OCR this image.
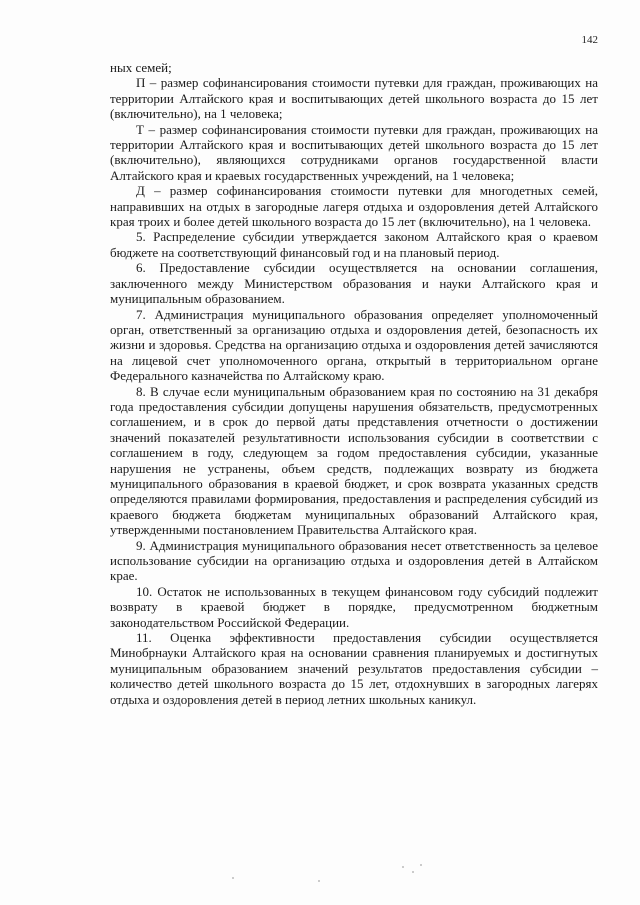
142

ных семей;

П – размер софинансирования стоимости путевки для граждан, проживающих на территории Алтайского края и воспитывающих детей школьного возраста до 15 лет (включительно), на 1 человека;

Т – размер софинансирования стоимости путевки для граждан, проживающих на территории Алтайского края и воспитывающих детей школьного возраста до 15 лет (включительно), являющихся сотрудниками органов государственной власти Алтайского края и краевых государственных учреждений, на 1 человека;

Д – размер софинансирования стоимости путевки для многодетных семей, направивших на отдых в загородные лагеря отдыха и оздоровления детей Алтайского края троих и более детей школьного возраста до 15 лет (включительно), на 1 человека.

5. Распределение субсидии утверждается законом Алтайского края о краевом бюджете на соответствующий финансовый год и на плановый период.

6. Предоставление субсидии осуществляется на основании соглашения, заключенного между Министерством образования и науки Алтайского края и муниципальным образованием.

7. Администрация муниципального образования определяет уполномоченный орган, ответственный за организацию отдыха и оздоровления детей, безопасность их жизни и здоровья. Средства на организацию отдыха и оздоровления детей зачисляются на лицевой счет уполномоченного органа, открытый в территориальном органе Федерального казначейства по Алтайскому краю.

8. В случае если муниципальным образованием края по состоянию на 31 декабря года предоставления субсидии допущены нарушения обязательств, предусмотренных соглашением, и в срок до первой даты представления отчетности о достижении значений показателей результативности использования субсидии в соответствии с соглашением в году, следующем за годом предоставления субсидии, указанные нарушения не устранены, объем средств, подлежащих возврату из бюджета муниципального образования в краевой бюджет, и срок возврата указанных средств определяются правилами формирования, предоставления и распределения субсидий из краевого бюджета бюджетам муниципальных образований Алтайского края, утвержденными постановлением Правительства Алтайского края.

9. Администрация муниципального образования несет ответственность за целевое использование субсидии на организацию отдыха и оздоровления детей в Алтайском крае.

10. Остаток не использованных в текущем финансовом году субсидий подлежит возврату в краевой бюджет в порядке, предусмотренном бюджетным законодательством Российской Федерации.

11. Оценка эффективности предоставления субсидии осуществляется Минобрнауки Алтайского края на основании сравнения планируемых и достигнутых муниципальным образованием значений результатов предоставления субсидии – количество детей школьного возраста до 15 лет, отдохнувших в загородных лагерях отдыха и оздоровления детей в период летних школьных каникул.
